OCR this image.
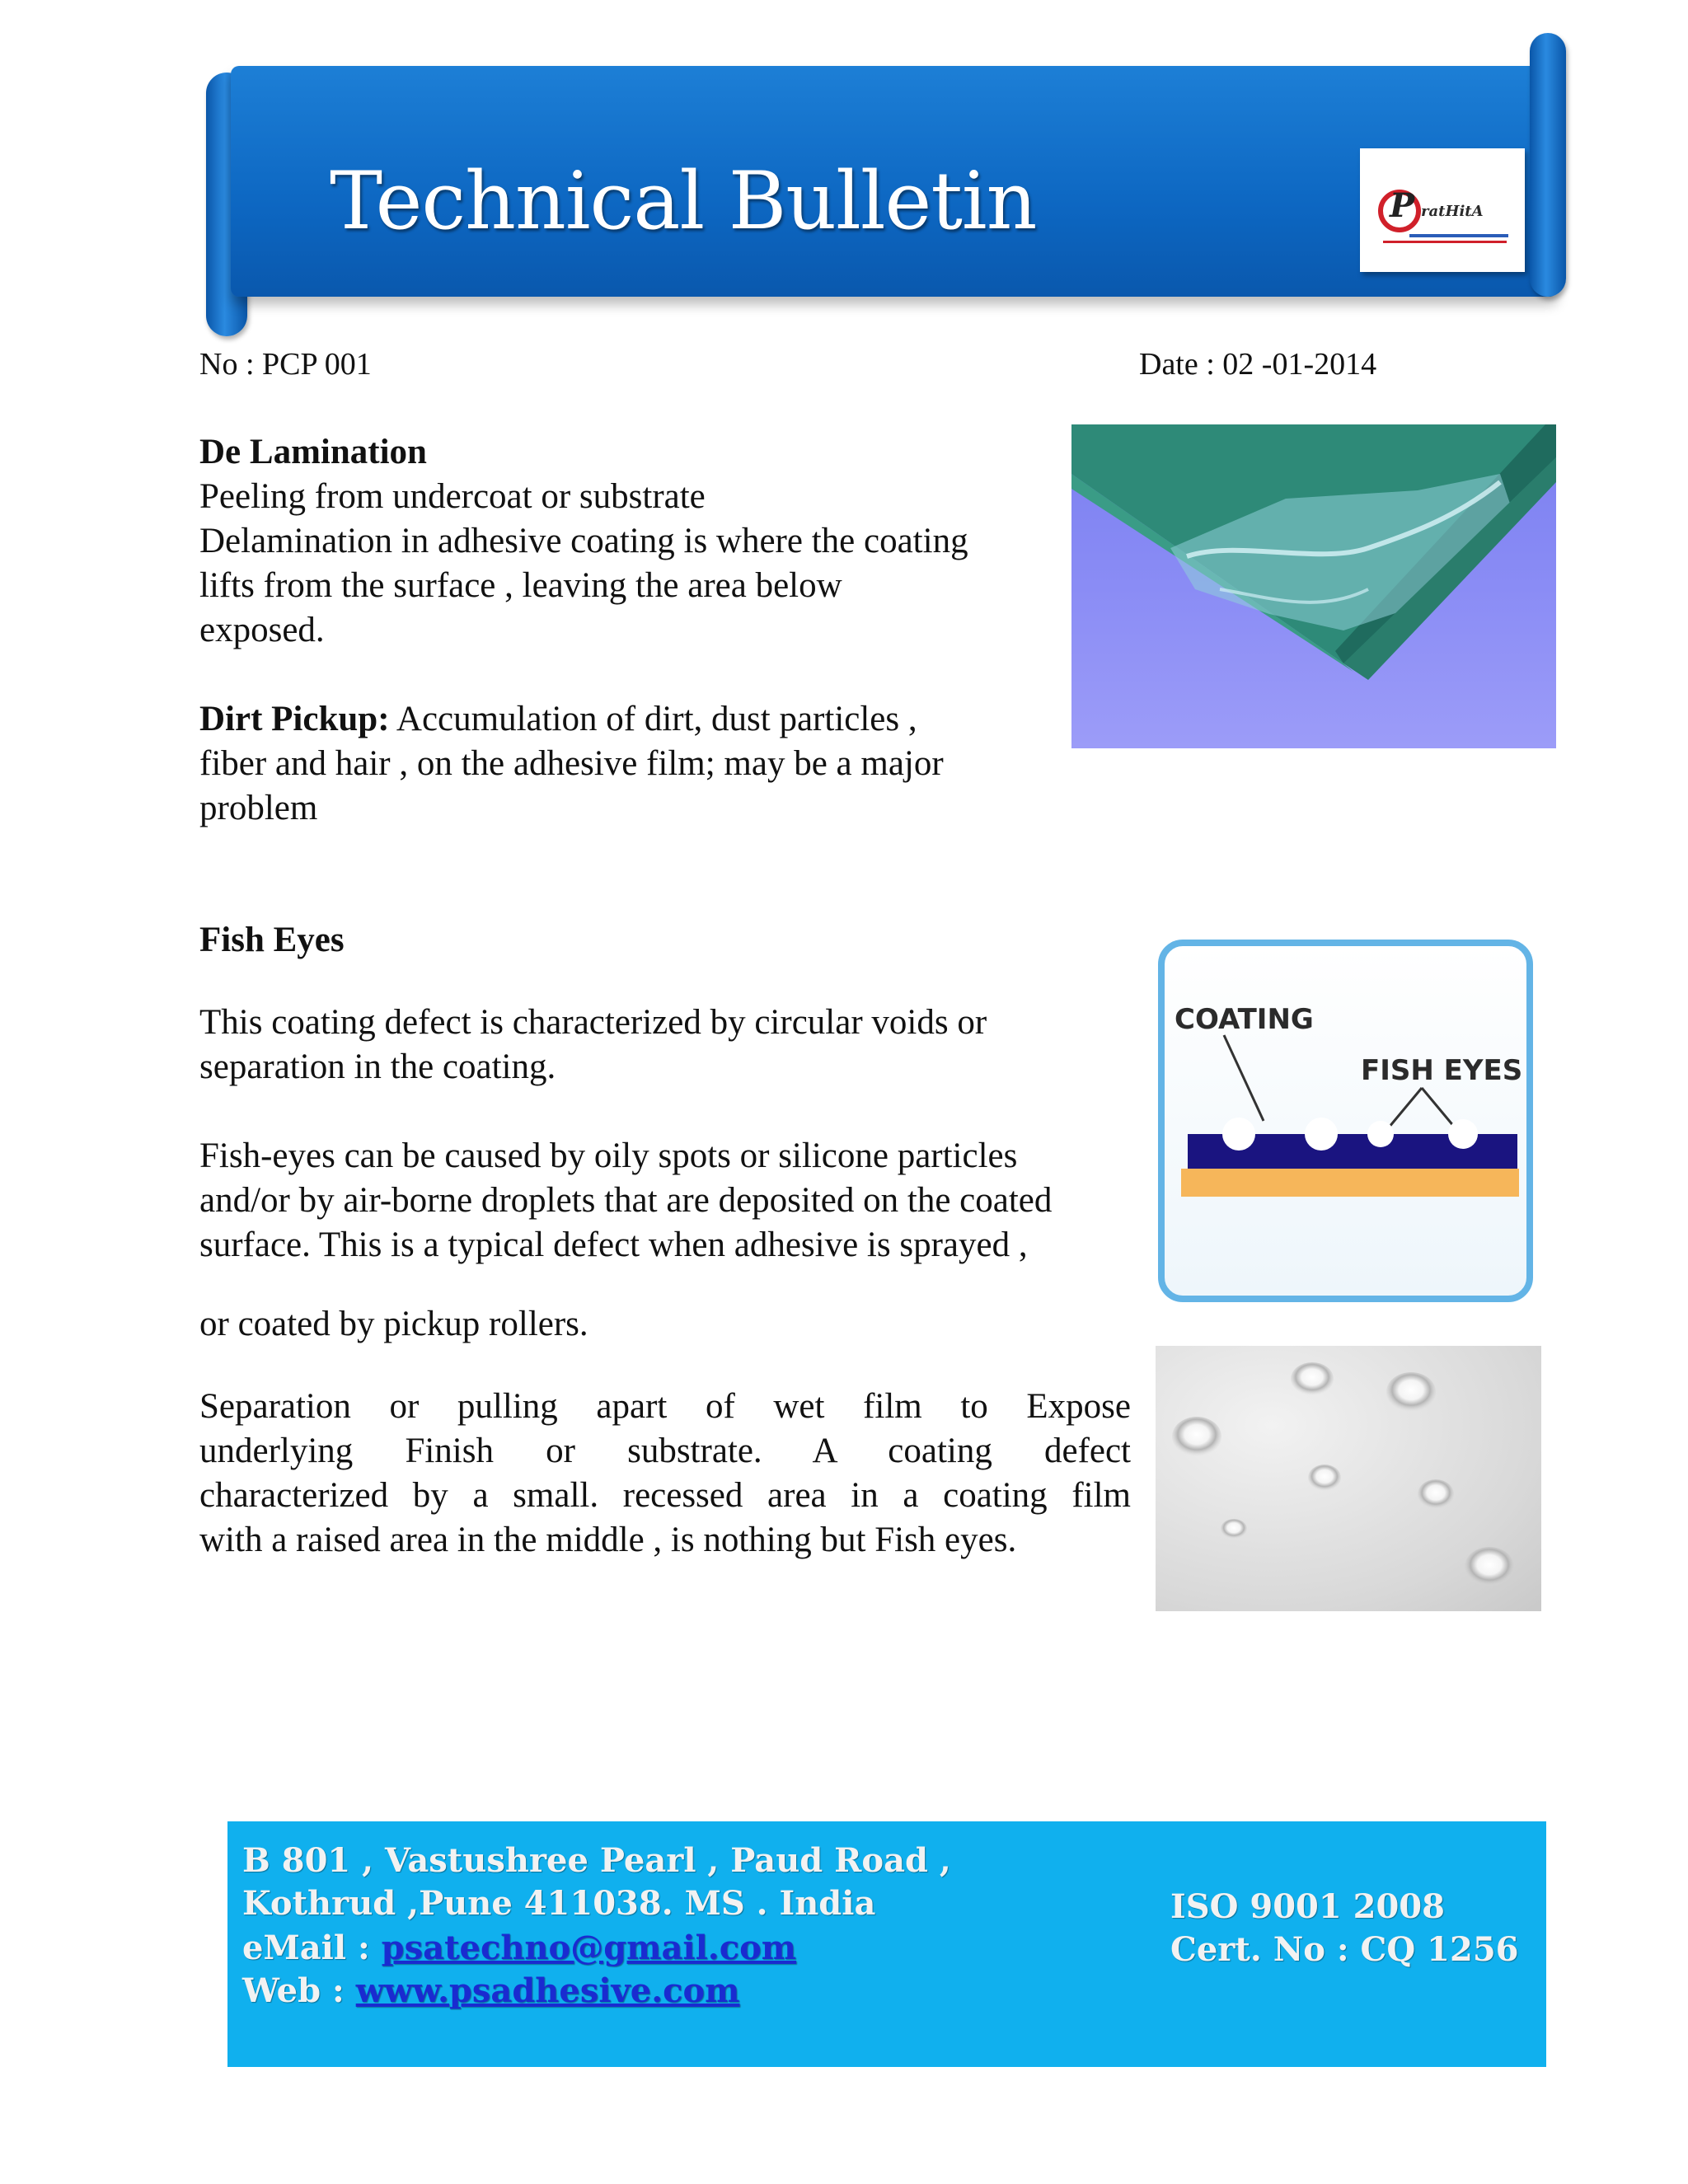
Technical Bulletin	P ratHitA
No : PCP 001	Date : 02 -01-2014
De Lamination
Peeling from undercoat or substrate
Delamination in adhesive coating is where the coating
lifts from the surface , leaving the area below
exposed.
Dirt Pickup: Accumulation of dirt, dust particles ,
fiber and hair , on the adhesive film; may be a major
problem
Fish Eyes
This coating defect is characterized by circular voids or
separation in the coating.
Fish-eyes can be caused by oily spots or silicone particles
and/or by air-borne droplets that are deposited on the coated
surface. This is a typical defect when adhesive is sprayed ,
or coated by pickup rollers.
Separation or pulling apart of wet film to Expose
underlying Finish or substrate. A coating defect
characterized by a small. recessed area in a coating film
with a raised area in the middle , is nothing but Fish eyes.
COATING
FISH EYES
B 801 , Vastushree Pearl , Paud Road ,
Kothrud ,Pune 411038. MS . India
eMail : psatechno@gmail.com
Web : www.psadhesive.com
ISO 9001 2008
Cert. No : CQ 1256
